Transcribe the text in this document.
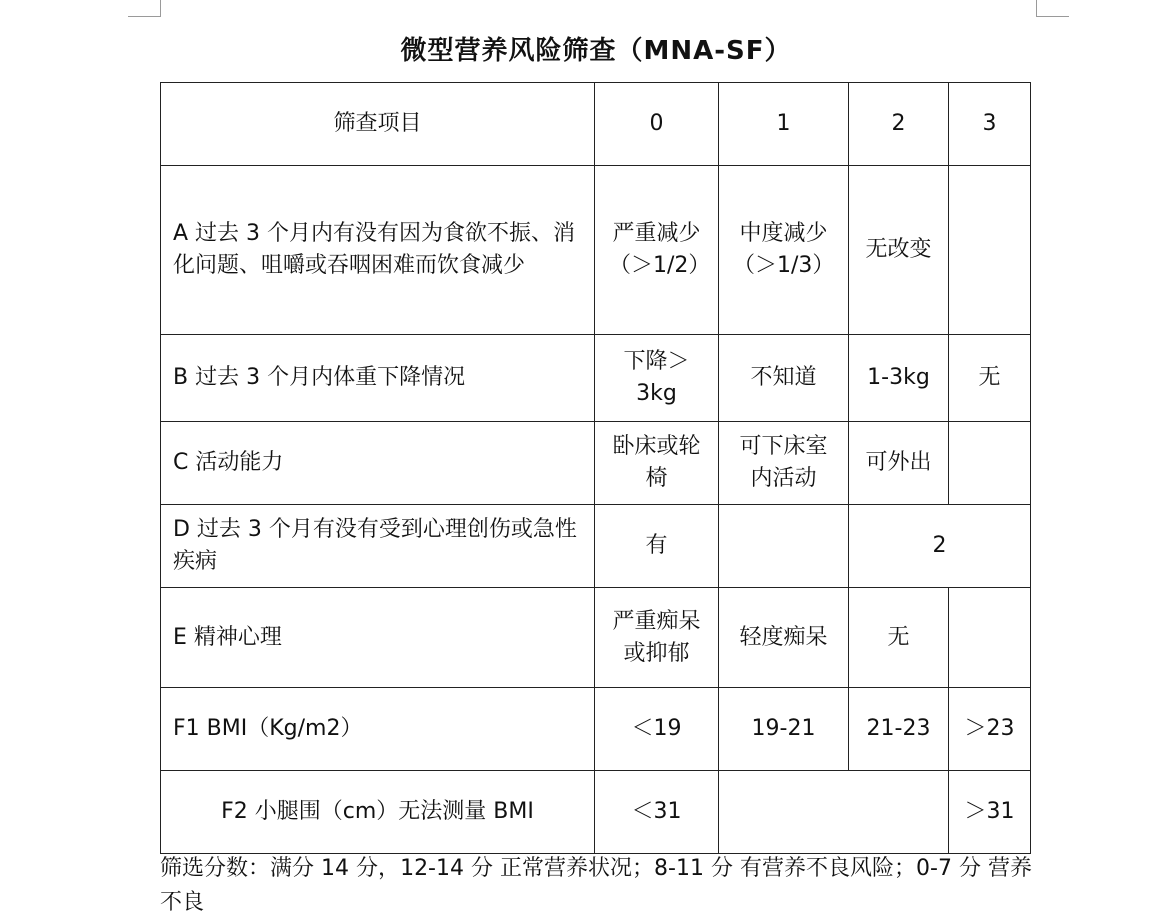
微型营养风险筛查（MNA-SF）
筛查项目	0	1	2	3
A 过去 3 个月内有没有因为食欲不振、消化问题、咀嚼或吞咽困难而饮食减少	严重减少（＞1/2）	中度减少（＞1/3）	无改变	
B 过去 3 个月内体重下降情况	下降＞3kg	不知道	1-3kg	无
C 活动能力	卧床或轮椅	可下床室内活动	可外出	
D 过去 3 个月有没有受到心理创伤或急性疾病	有		2	
E 精神心理	严重痴呆或抑郁	轻度痴呆	无	
F1 BMI（Kg/m2）	＜19	19-21	21-23	＞23
F2 小腿围（cm）无法测量 BMI	＜31			＞31
筛选分数：满分 14 分，12-14 分 正常营养状况；8-11 分 有营养不良风险；0-7 分 营养不良
